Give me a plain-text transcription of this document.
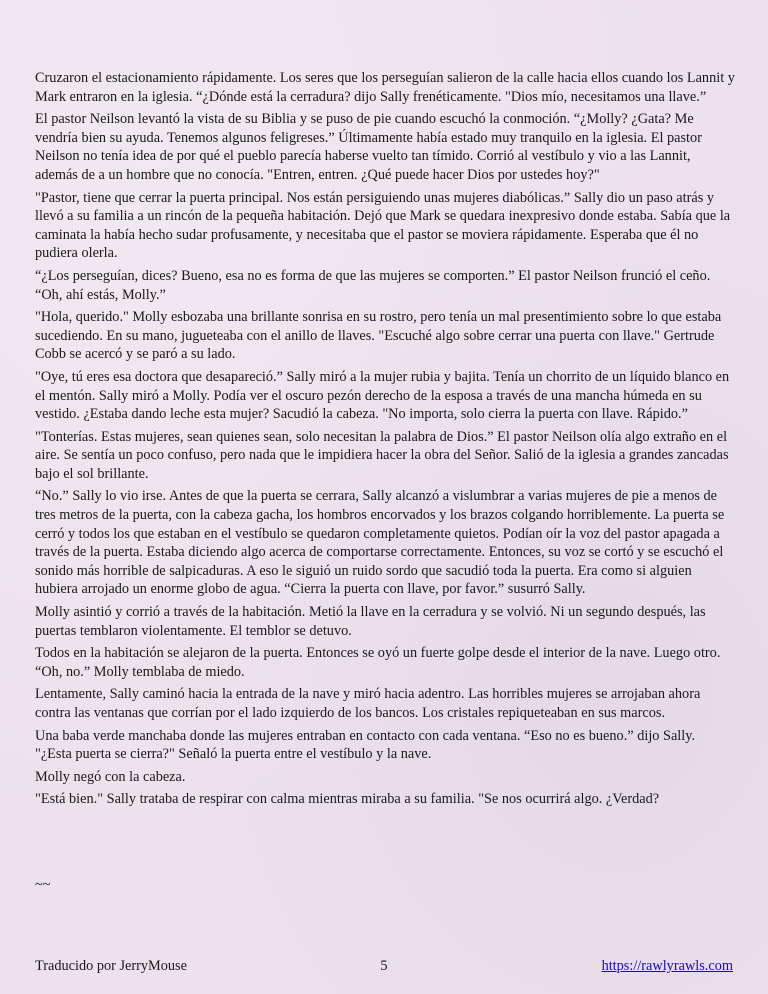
Cruzaron el estacionamiento rápidamente. Los seres que los perseguían salieron de la calle hacia ellos cuando los Lannit y Mark entraron en la iglesia. “¿Dónde está la cerradura? dijo Sally frenéticamente. "Dios mío, necesitamos una llave.”

El pastor Neilson levantó la vista de su Biblia y se puso de pie cuando escuchó la conmoción. “¿Molly? ¿Gata? Me vendría bien su ayuda. Tenemos algunos feligreses.” Últimamente había estado muy tranquilo en la iglesia. El pastor Neilson no tenía idea de por qué el pueblo parecía haberse vuelto tan tímido. Corrió al vestíbulo y vio a las Lannit, además de a un hombre que no conocía. "Entren, entren. ¿Qué puede hacer Dios por ustedes hoy?"

"Pastor, tiene que cerrar la puerta principal. Nos están persiguiendo unas mujeres diabólicas.” Sally dio un paso atrás y llevó a su familia a un rincón de la pequeña habitación. Dejó que Mark se quedara inexpresivo donde estaba. Sabía que la caminata la había hecho sudar profusamente, y necesitaba que el pastor se moviera rápidamente. Esperaba que él no pudiera olerla.

“¿Los perseguían, dices? Bueno, esa no es forma de que las mujeres se comporten.” El pastor Neilson frunció el ceño. “Oh, ahí estás, Molly.”

"Hola, querido." Molly esbozaba una brillante sonrisa en su rostro, pero tenía un mal presentimiento sobre lo que estaba sucediendo. En su mano, jugueteaba con el anillo de llaves. "Escuché algo sobre cerrar una puerta con llave." Gertrude Cobb se acercó y se paró a su lado.

"Oye, tú eres esa doctora que desapareció.” Sally miró a la mujer rubia y bajita. Tenía un chorrito de un líquido blanco en el mentón. Sally miró a Molly. Podía ver el oscuro pezón derecho de la esposa a través de una mancha húmeda en su vestido. ¿Estaba dando leche esta mujer? Sacudió la cabeza. "No importa, solo cierra la puerta con llave. Rápido.”

"Tonterías. Estas mujeres, sean quienes sean, solo necesitan la palabra de Dios.” El pastor Neilson olía algo extraño en el aire. Se sentía un poco confuso, pero nada que le impidiera hacer la obra del Señor. Salió de la iglesia a grandes zancadas bajo el sol brillante.

“No.” Sally lo vio irse. Antes de que la puerta se cerrara, Sally alcanzó a vislumbrar a varias mujeres de pie a menos de tres metros de la puerta, con la cabeza gacha, los hombros encorvados y los brazos colgando horriblemente. La puerta se cerró y todos los que estaban en el vestíbulo se quedaron completamente quietos. Podían oír la voz del pastor apagada a través de la puerta. Estaba diciendo algo acerca de comportarse correctamente. Entonces, su voz se cortó y se escuchó el sonido más horrible de salpicaduras. A eso le siguió un ruido sordo que sacudió toda la puerta. Era como si alguien hubiera arrojado un enorme globo de agua. “Cierra la puerta con llave, por favor.” susurró Sally.

Molly asintió y corrió a través de la habitación. Metió la llave en la cerradura y se volvió. Ni un segundo después, las puertas temblaron violentamente. El temblor se detuvo.

Todos en la habitación se alejaron de la puerta. Entonces se oyó un fuerte golpe desde el interior de la nave. Luego otro. “Oh, no.” Molly temblaba de miedo.

Lentamente, Sally caminó hacia la entrada de la nave y miró hacia adentro. Las horribles mujeres se arrojaban ahora contra las ventanas que corrían por el lado izquierdo de los bancos. Los cristales repiqueteaban en sus marcos.

Una baba verde manchaba donde las mujeres entraban en contacto con cada ventana. “Eso no es bueno.” dijo Sally. "¿Esta puerta se cierra?" Señaló la puerta entre el vestíbulo y la nave.

Molly negó con la cabeza.

"Está bien." Sally trataba de respirar con calma mientras miraba a su familia. "Se nos ocurrirá algo. ¿Verdad?

~~
Traducido por JerryMouse	5	https://rawlyrawls.com
